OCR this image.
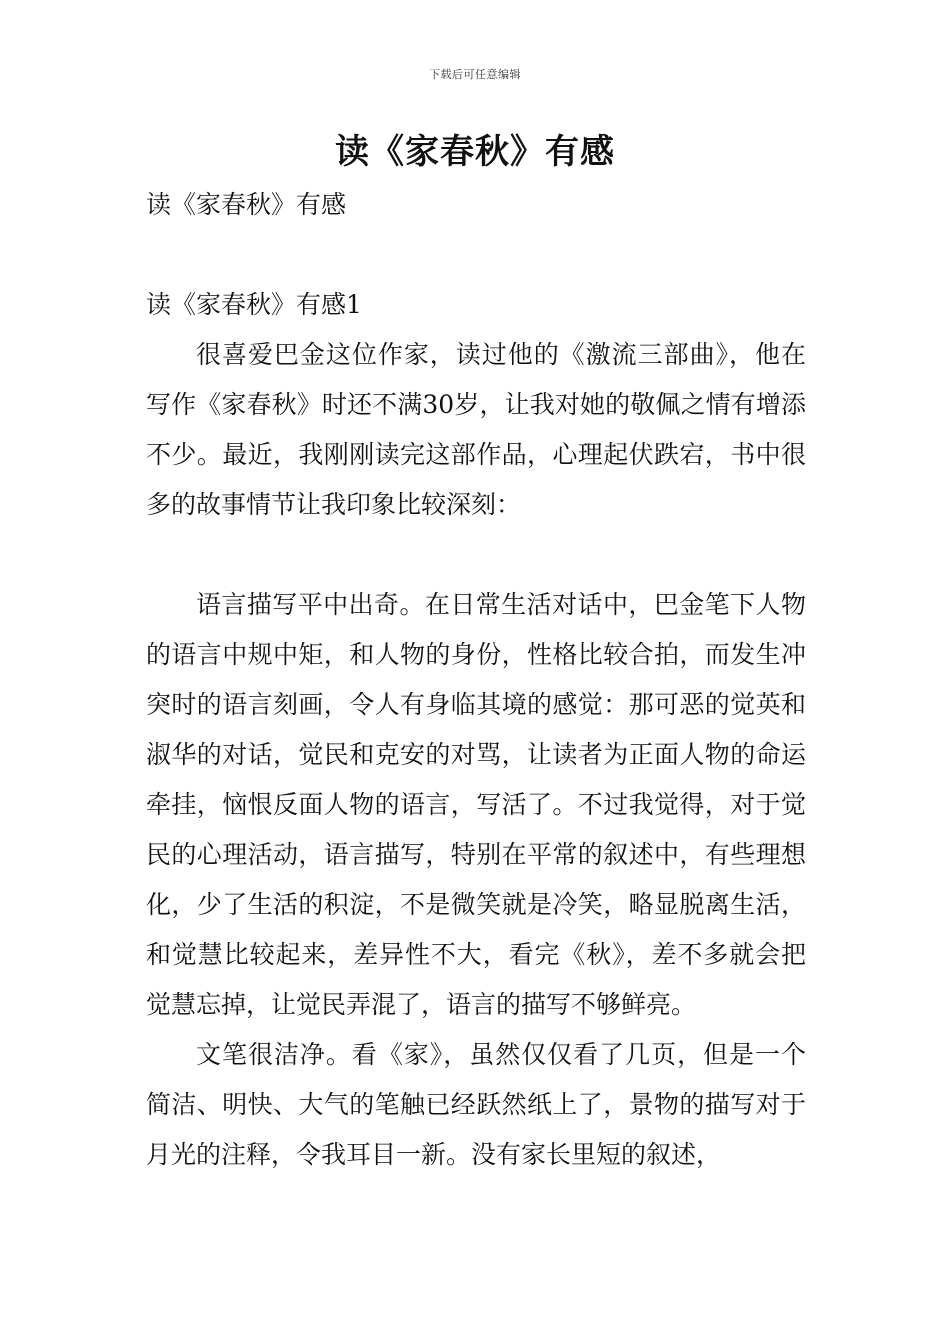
下载后可任意编辑
读《家春秋》有感

读《家春秋》有感

读《家春秋》有感1

很喜爱巴金这位作家，读过他的《激流三部曲》，他在写作《家春秋》时还不满30岁，让我对她的敬佩之情有增添不少。最近，我刚刚读完这部作品，心理起伏跌宕，书中很多的故事情节让我印象比较深刻：

语言描写平中出奇。在日常生活对话中，巴金笔下人物的语言中规中矩，和人物的身份，性格比较合拍，而发生冲突时的语言刻画，令人有身临其境的感觉：那可恶的觉英和淑华的对话，觉民和克安的对骂，让读者为正面人物的命运牵挂，恼恨反面人物的语言，写活了。不过我觉得，对于觉民的心理活动，语言描写，特别在平常的叙述中，有些理想化，少了生活的积淀，不是微笑就是冷笑，略显脱离生活，和觉慧比较起来，差异性不大，看完《秋》，差不多就会把觉慧忘掉，让觉民弄混了，语言的描写不够鲜亮。

文笔很洁净。看《家》，虽然仅仅看了几页，但是一个简洁、明快、大气的笔触已经跃然纸上了，景物的描写对于月光的注释，令我耳目一新。没有家长里短的叙述，
